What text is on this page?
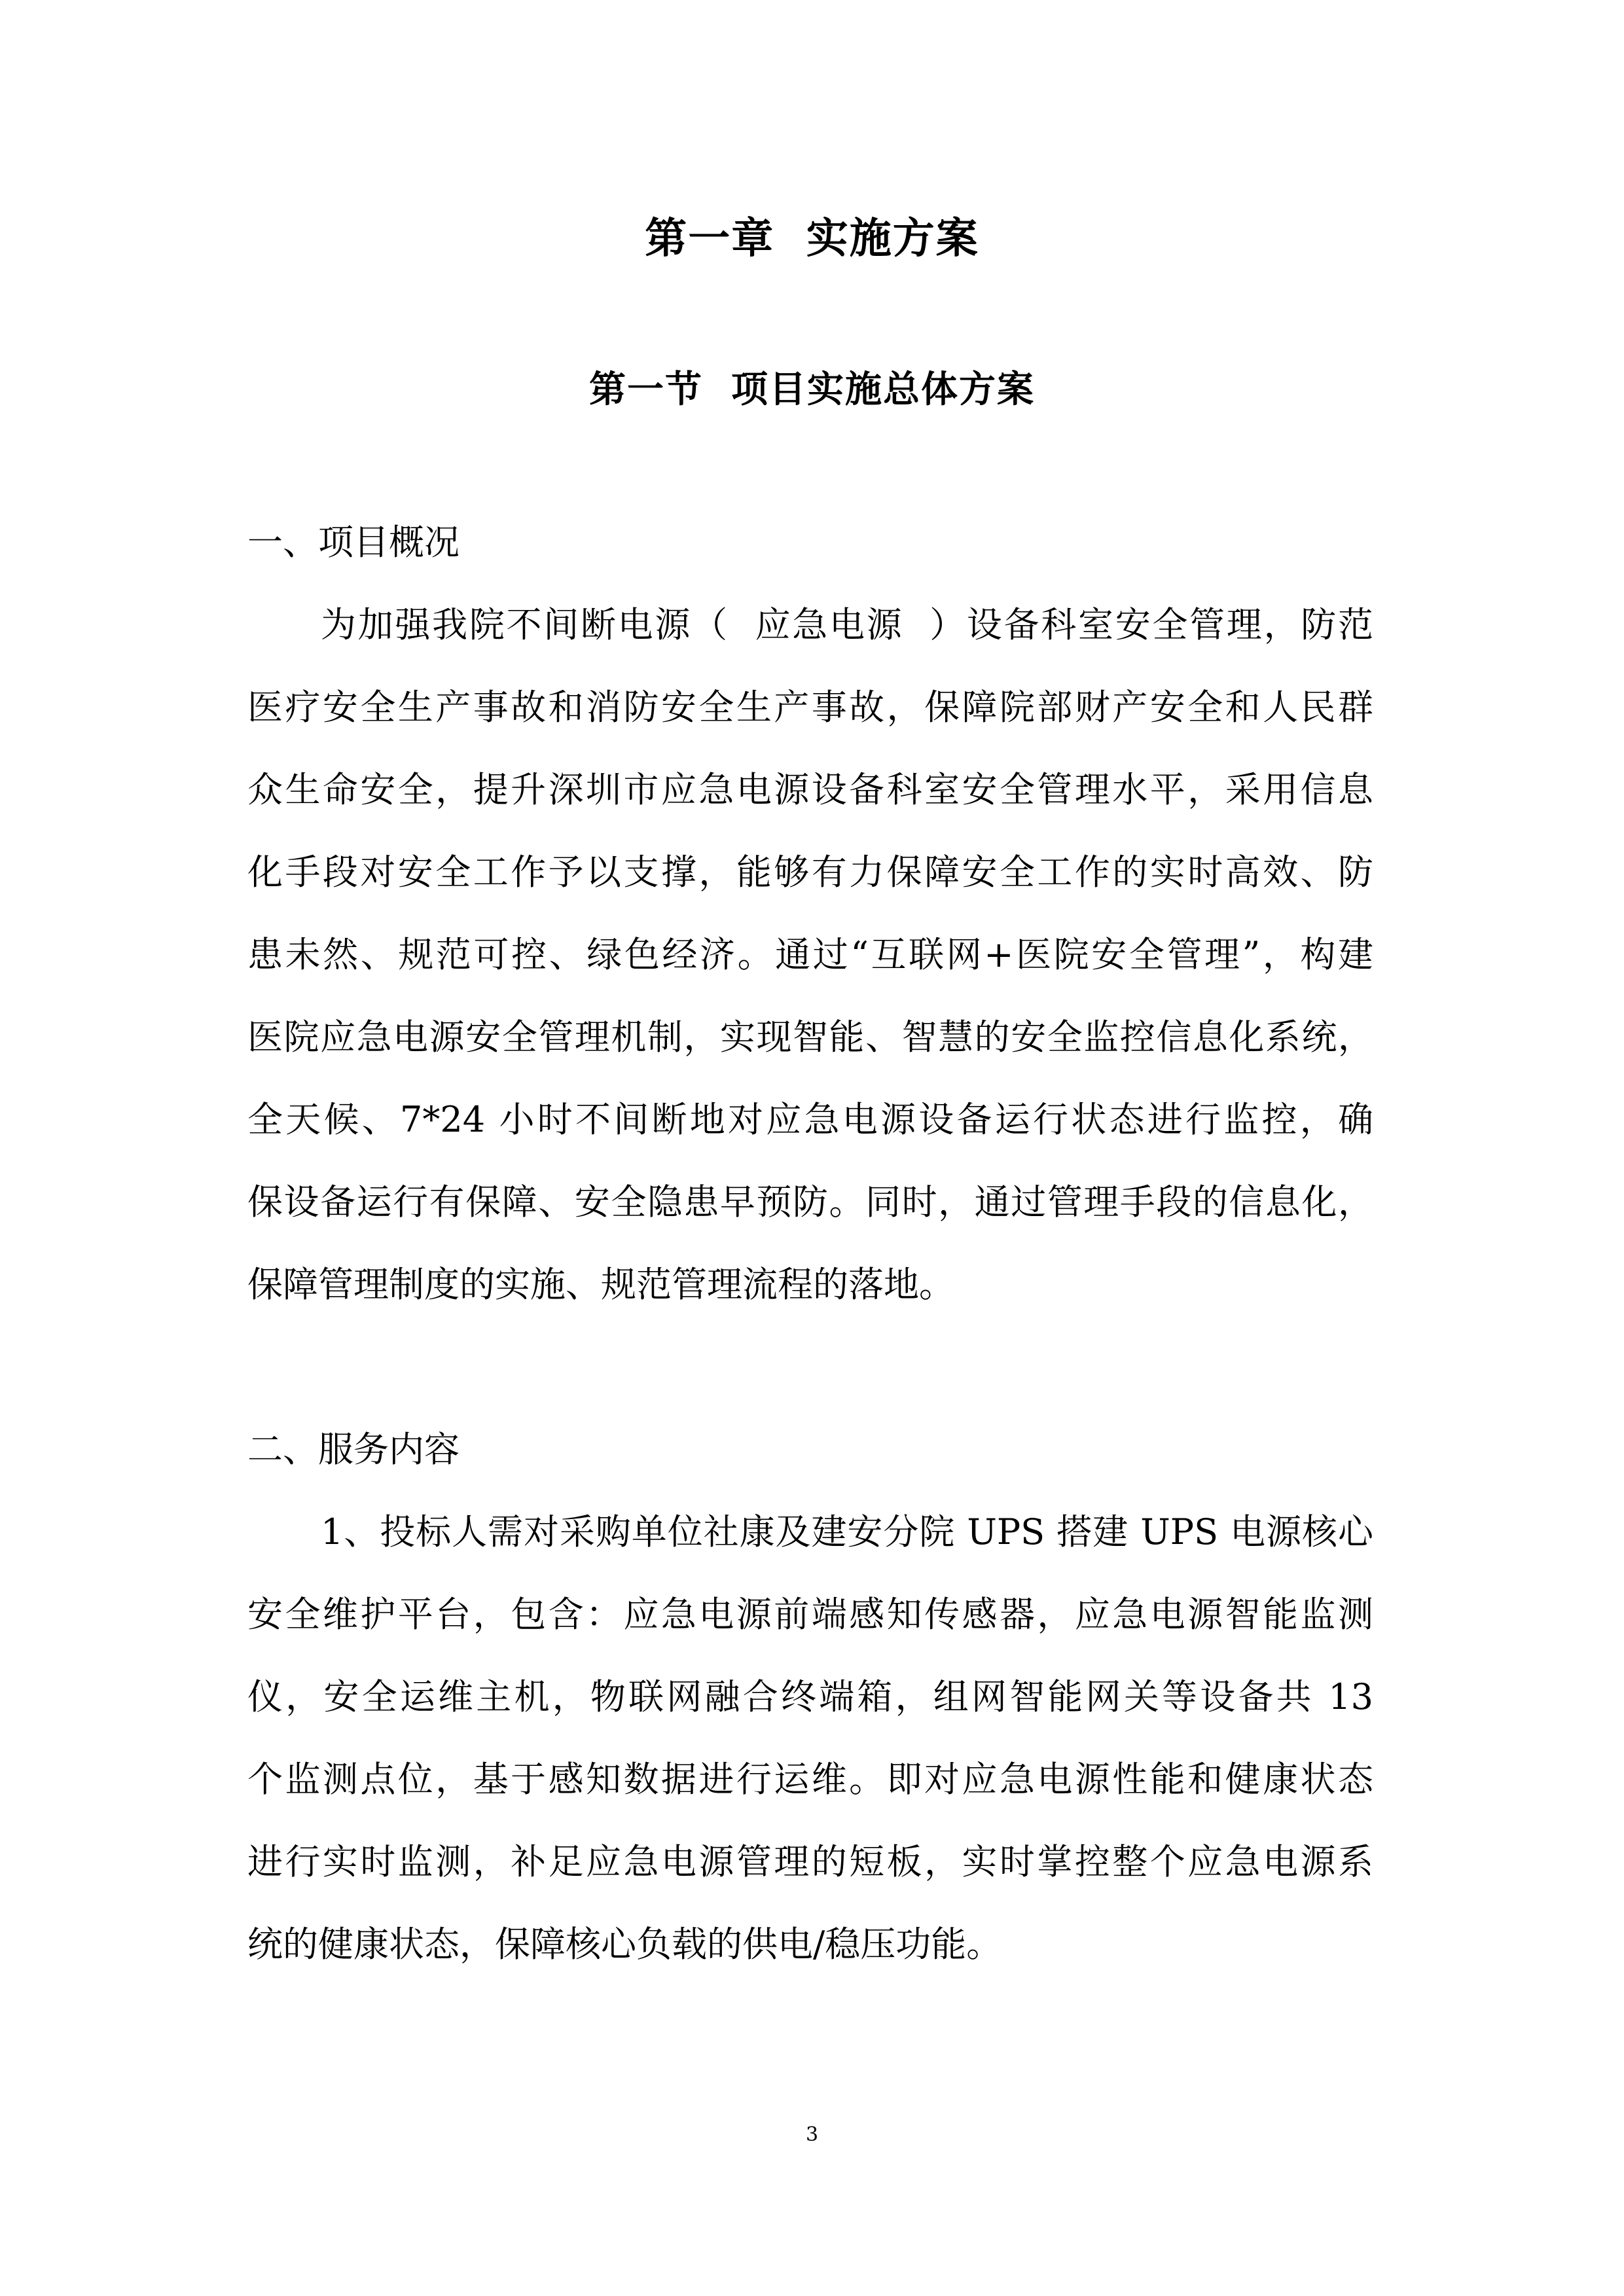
第一章  实施方案
第一节  项目实施总体方案
一、项目概况
为加强我院不间断电源（  应急电源  ）设备科室安全管理，防范
医疗安全生产事故和消防安全生产事故，保障院部财产安全和人民群
众生命安全，提升深圳市应急电源设备科室安全管理水平，采用信息
化手段对安全工作予以支撑，能够有力保障安全工作的实时高效、防
患未然、规范可控、绿色经济。通过“互联网+医院安全管理”，构建
医院应急电源安全管理机制，实现智能、智慧的安全监控信息化系统，
全天候、7*24 小时不间断地对应急电源设备运行状态进行监控，确
保设备运行有保障、安全隐患早预防。同时，通过管理手段的信息化，
保障管理制度的实施、规范管理流程的落地。
二、服务内容
1、投标人需对采购单位社康及建安分院 UPS 搭建 UPS 电源核心
安全维护平台，包含：应急电源前端感知传感器，应急电源智能监测
仪，安全运维主机，物联网融合终端箱，组网智能网关等设备共 13
个监测点位，基于感知数据进行运维。即对应急电源性能和健康状态
进行实时监测，补足应急电源管理的短板，实时掌控整个应急电源系
统的健康状态，保障核心负载的供电/稳压功能。
3
